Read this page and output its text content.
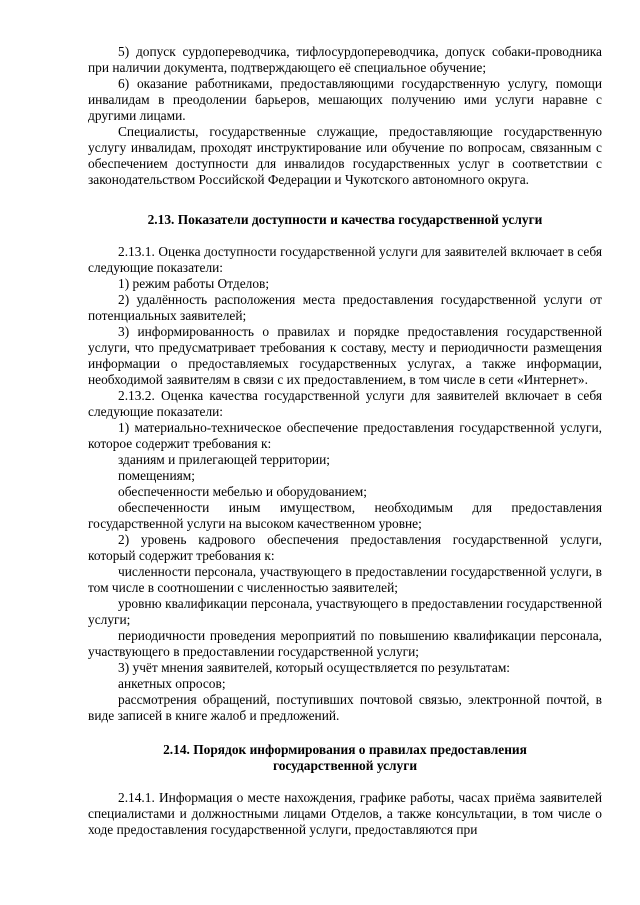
5) допуск сурдопереводчика, тифлосурдопереводчика, допуск собаки-проводника при наличии документа, подтверждающего её специальное обучение;

6) оказание работниками, предоставляющими государственную услугу, помощи инвалидам в преодолении барьеров, мешающих получению ими услуги наравне с другими лицами.

Специалисты, государственные служащие, предоставляющие государственную услугу инвалидам, проходят инструктирование или обучение по вопросам, связанным с обеспечением доступности для инвалидов государственных услуг в соответствии с законодательством Российской Федерации и Чукотского автономного округа.

2.13. Показатели доступности и качества государственной услуги

2.13.1. Оценка доступности государственной услуги для заявителей включает в себя следующие показатели:

1) режим работы Отделов;

2) удалённость расположения места предоставления государственной услуги от потенциальных заявителей;

3) информированность о правилах и порядке предоставления государственной услуги, что предусматривает требования к составу, месту и периодичности размещения информации о предоставляемых государственных услугах, а также информации, необходимой заявителям в связи с их предоставлением, в том числе в сети «Интернет».

2.13.2. Оценка качества государственной услуги для заявителей включает в себя следующие показатели:

1) материально-техническое обеспечение предоставления государственной услуги, которое содержит требования к:

зданиям и прилегающей территории;

помещениям;

обеспеченности мебелью и оборудованием;

обеспеченности иным имуществом, необходимым для предоставления государственной услуги на высоком качественном уровне;

2) уровень кадрового обеспечения предоставления государственной услуги, который содержит требования к:

численности персонала, участвующего в предоставлении государственной услуги, в том числе в соотношении с численностью заявителей;

уровню квалификации персонала, участвующего в предоставлении государственной услуги;

периодичности проведения мероприятий по повышению квалификации персонала, участвующего в предоставлении государственной услуги;

3) учёт мнения заявителей, который осуществляется по результатам:

анкетных опросов;

рассмотрения обращений, поступивших почтовой связью, электронной почтой, в виде записей в книге жалоб и предложений.

2.14. Порядок информирования о правилах предоставления

государственной услуги

2.14.1. Информация о месте нахождения, графике работы, часах приёма заявителей специалистами и должностными лицами Отделов, а также консультации, в том числе о ходе предоставления государственной услуги, предоставляются при
